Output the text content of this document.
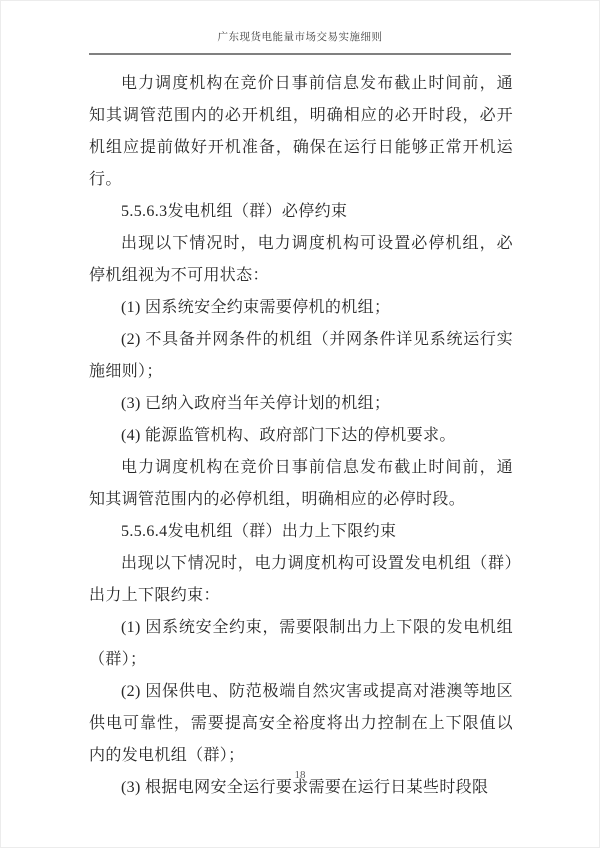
广东现货电能量市场交易实施细则

电力调度机构在竞价日事前信息发布截止时间前，通知其调管范围内的必开机组，明确相应的必开时段，必开机组应提前做好开机准备，确保在运行日能够正常开机运行。

5.5.6.3发电机组（群）必停约束

出现以下情况时，电力调度机构可设置必停机组，必停机组视为不可用状态：

(1) 因系统安全约束需要停机的机组；

(2) 不具备并网条件的机组（并网条件详见系统运行实施细则）；

(3) 已纳入政府当年关停计划的机组；

(4) 能源监管机构、政府部门下达的停机要求。

电力调度机构在竞价日事前信息发布截止时间前，通知其调管范围内的必停机组，明确相应的必停时段。

5.5.6.4发电机组（群）出力上下限约束

出现以下情况时，电力调度机构可设置发电机组（群）出力上下限约束：

(1) 因系统安全约束，需要限制出力上下限的发电机组（群）；

(2) 因保供电、防范极端自然灾害或提高对港澳等地区供电可靠性，需要提高安全裕度将出力控制在上下限值以内的发电机组（群）；

(3) 根据电网安全运行要求需要在运行日某些时段限

18
